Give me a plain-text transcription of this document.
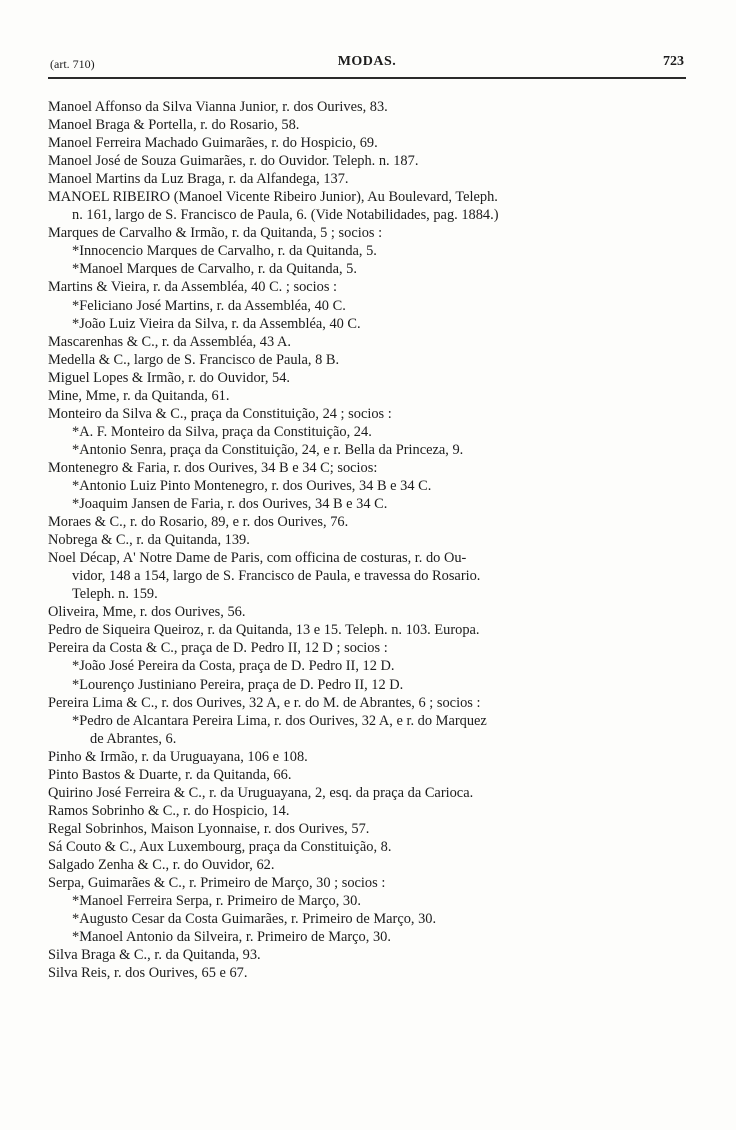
(art. 710)	MODAS.	723
Manoel Affonso da Silva Vianna Junior, r. dos Ourives, 83.
Manoel Braga & Portella, r. do Rosario, 58.
Manoel Ferreira Machado Guimarães, r. do Hospicio, 69.
Manoel José de Souza Guimarães, r. do Ouvidor. Teleph. n. 187.
Manoel Martins da Luz Braga, r. da Alfandega, 137.
MANOEL RIBEIRO (Manoel Vicente Ribeiro Junior), Au Boulevard, Teleph.
n. 161, largo de S. Francisco de Paula, 6. (Vide Notabilidades, pag. 1884.)
Marques de Carvalho & Irmão, r. da Quitanda, 5 ; socios :
*Innocencio Marques de Carvalho, r. da Quitanda, 5.
*Manoel Marques de Carvalho, r. da Quitanda, 5.
Martins & Vieira, r. da Assembléa, 40 C. ; socios :
*Feliciano José Martins, r. da Assembléa, 40 C.
*João Luiz Vieira da Silva, r. da Assembléa, 40 C.
Mascarenhas & C., r. da Assembléa, 43 A.
Medella & C., largo de S. Francisco de Paula, 8 B.
Miguel Lopes & Irmão, r. do Ouvidor, 54.
Mine, Mme, r. da Quitanda, 61.
Monteiro da Silva & C., praça da Constituição, 24 ; socios :
*A. F. Monteiro da Silva, praça da Constituição, 24.
*Antonio Senra, praça da Constituição, 24, e r. Bella da Princeza, 9.
Montenegro & Faria, r. dos Ourives, 34 B e 34 C; socios:
*Antonio Luiz Pinto Montenegro, r. dos Ourives, 34 B e 34 C.
*Joaquim Jansen de Faria, r. dos Ourives, 34 B e 34 C.
Moraes & C., r. do Rosario, 89, e r. dos Ourives, 76.
Nobrega & C., r. da Quitanda, 139.
Noel Décap, A' Notre Dame de Paris, com officina de costuras, r. do Ou-
vidor, 148 a 154, largo de S. Francisco de Paula, e travessa do Rosario.
Teleph. n. 159.
Oliveira, Mme, r. dos Ourives, 56.
Pedro de Siqueira Queiroz, r. da Quitanda, 13 e 15. Teleph. n. 103. Europa.
Pereira da Costa & C., praça de D. Pedro II, 12 D ; socios :
*João José Pereira da Costa, praça de D. Pedro II, 12 D.
*Lourenço Justiniano Pereira, praça de D. Pedro II, 12 D.
Pereira Lima & C., r. dos Ourives, 32 A, e r. do M. de Abrantes, 6 ; socios :
*Pedro de Alcantara Pereira Lima, r. dos Ourives, 32 A, e r. do Marquez
de Abrantes, 6.
Pinho & Irmão, r. da Uruguayana, 106 e 108.
Pinto Bastos & Duarte, r. da Quitanda, 66.
Quirino José Ferreira & C., r. da Uruguayana, 2, esq. da praça da Carioca.
Ramos Sobrinho & C., r. do Hospicio, 14.
Regal Sobrinhos, Maison Lyonnaise, r. dos Ourives, 57.
Sá Couto & C., Aux Luxembourg, praça da Constituição, 8.
Salgado Zenha & C., r. do Ouvidor, 62.
Serpa, Guimarães & C., r. Primeiro de Março, 30 ; socios :
*Manoel Ferreira Serpa, r. Primeiro de Março, 30.
*Augusto Cesar da Costa Guimarães, r. Primeiro de Março, 30.
*Manoel Antonio da Silveira, r. Primeiro de Março, 30.
Silva Braga & C., r. da Quitanda, 93.
Silva Reis, r. dos Ourives, 65 e 67.
